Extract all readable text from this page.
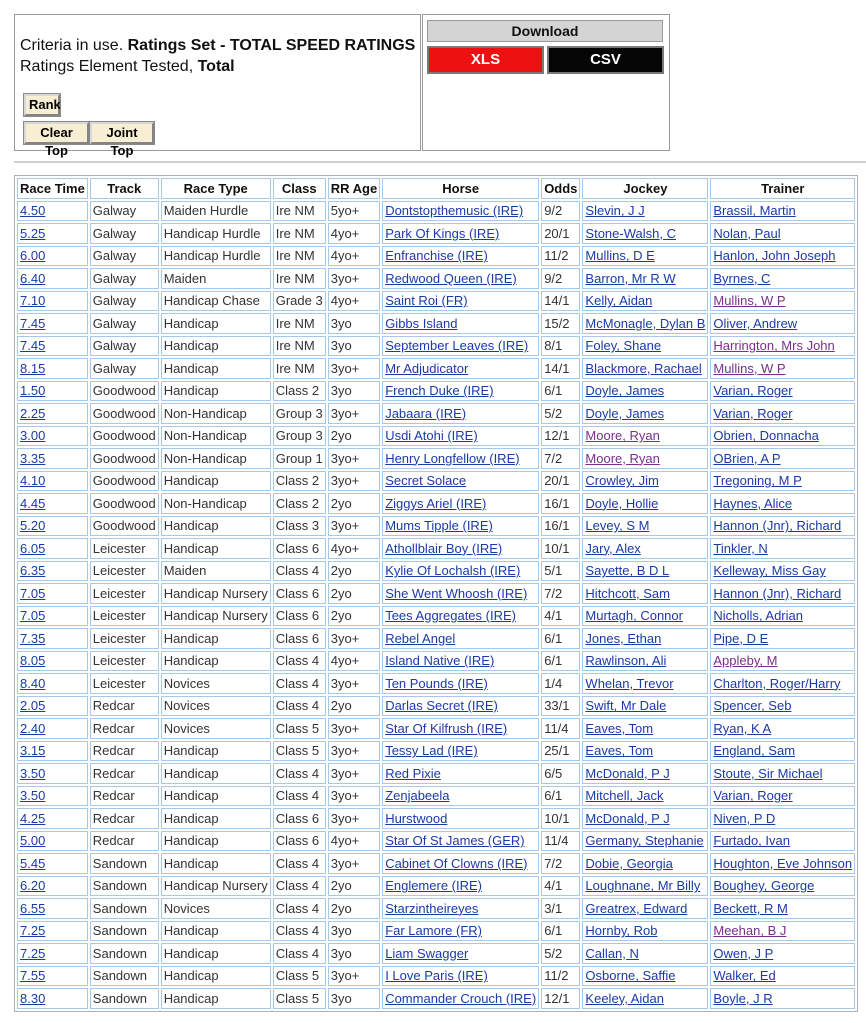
Criteria in use. Ratings Set - TOTAL SPEED RATINGS
Ratings Element Tested, Total
Rank
Clear Top
Joint Top
Download
XLS	CSV
Race Time	Track	Race Type	Class	RR Age	Horse	Odds	Jockey	Trainer
4.50	Galway	Maiden Hurdle	Ire NM	5yo+	Dontstopthemusic (IRE)	9/2	Slevin, J J	Brassil, Martin
5.25	Galway	Handicap Hurdle	Ire NM	4yo+	Park Of Kings (IRE)	20/1	Stone-Walsh, C	Nolan, Paul
6.00	Galway	Handicap Hurdle	Ire NM	4yo+	Enfranchise (IRE)	11/2	Mullins, D E	Hanlon, John Joseph
6.40	Galway	Maiden	Ire NM	3yo+	Redwood Queen (IRE)	9/2	Barron, Mr R W	Byrnes, C
7.10	Galway	Handicap Chase	Grade 3	4yo+	Saint Roi (FR)	14/1	Kelly, Aidan	Mullins, W P
7.45	Galway	Handicap	Ire NM	3yo	Gibbs Island	15/2	McMonagle, Dylan B	Oliver, Andrew
7.45	Galway	Handicap	Ire NM	3yo	September Leaves (IRE)	8/1	Foley, Shane	Harrington, Mrs John
8.15	Galway	Handicap	Ire NM	3yo+	Mr Adjudicator	14/1	Blackmore, Rachael	Mullins, W P
1.50	Goodwood	Handicap	Class 2	3yo	French Duke (IRE)	6/1	Doyle, James	Varian, Roger
2.25	Goodwood	Non-Handicap	Group 3	3yo+	Jabaara (IRE)	5/2	Doyle, James	Varian, Roger
3.00	Goodwood	Non-Handicap	Group 3	2yo	Usdi Atohi (IRE)	12/1	Moore, Ryan	Obrien, Donnacha
3.35	Goodwood	Non-Handicap	Group 1	3yo+	Henry Longfellow (IRE)	7/2	Moore, Ryan	OBrien, A P
4.10	Goodwood	Handicap	Class 2	3yo+	Secret Solace	20/1	Crowley, Jim	Tregoning, M P
4.45	Goodwood	Non-Handicap	Class 2	2yo	Ziggys Ariel (IRE)	16/1	Doyle, Hollie	Haynes, Alice
5.20	Goodwood	Handicap	Class 3	3yo+	Mums Tipple (IRE)	16/1	Levey, S M	Hannon (Jnr), Richard
6.05	Leicester	Handicap	Class 6	4yo+	Athollblair Boy (IRE)	10/1	Jary, Alex	Tinkler, N
6.35	Leicester	Maiden	Class 4	2yo	Kylie Of Lochalsh (IRE)	5/1	Sayette, B D L	Kelleway, Miss Gay
7.05	Leicester	Handicap Nursery	Class 6	2yo	She Went Whoosh (IRE)	7/2	Hitchcott, Sam	Hannon (Jnr), Richard
7.05	Leicester	Handicap Nursery	Class 6	2yo	Tees Aggregates (IRE)	4/1	Murtagh, Connor	Nicholls, Adrian
7.35	Leicester	Handicap	Class 6	3yo+	Rebel Angel	6/1	Jones, Ethan	Pipe, D E
8.05	Leicester	Handicap	Class 4	4yo+	Island Native (IRE)	6/1	Rawlinson, Ali	Appleby, M
8.40	Leicester	Novices	Class 4	3yo+	Ten Pounds (IRE)	1/4	Whelan, Trevor	Charlton, Roger/Harry
2.05	Redcar	Novices	Class 4	2yo	Darlas Secret (IRE)	33/1	Swift, Mr Dale	Spencer, Seb
2.40	Redcar	Novices	Class 5	3yo+	Star Of Kilfrush (IRE)	11/4	Eaves, Tom	Ryan, K A
3.15	Redcar	Handicap	Class 5	3yo+	Tessy Lad (IRE)	25/1	Eaves, Tom	England, Sam
3.50	Redcar	Handicap	Class 4	3yo+	Red Pixie	6/5	McDonald, P J	Stoute, Sir Michael
3.50	Redcar	Handicap	Class 4	3yo+	Zenjabeela	6/1	Mitchell, Jack	Varian, Roger
4.25	Redcar	Handicap	Class 6	3yo+	Hurstwood	10/1	McDonald, P J	Niven, P D
5.00	Redcar	Handicap	Class 6	4yo+	Star Of St James (GER)	11/4	Germany, Stephanie	Furtado, Ivan
5.45	Sandown	Handicap	Class 4	3yo+	Cabinet Of Clowns (IRE)	7/2	Dobie, Georgia	Houghton, Eve Johnson
6.20	Sandown	Handicap Nursery	Class 4	2yo	Englemere (IRE)	4/1	Loughnane, Mr Billy	Boughey, George
6.55	Sandown	Novices	Class 4	2yo	Starzintheireyes	3/1	Greatrex, Edward	Beckett, R M
7.25	Sandown	Handicap	Class 4	3yo	Far Lamore (FR)	6/1	Hornby, Rob	Meehan, B J
7.25	Sandown	Handicap	Class 4	3yo	Liam Swagger	5/2	Callan, N	Owen, J P
7.55	Sandown	Handicap	Class 5	3yo+	I Love Paris (IRE)	11/2	Osborne, Saffie	Walker, Ed
8.30	Sandown	Handicap	Class 5	3yo	Commander Crouch (IRE)	12/1	Keeley, Aidan	Boyle, J R
